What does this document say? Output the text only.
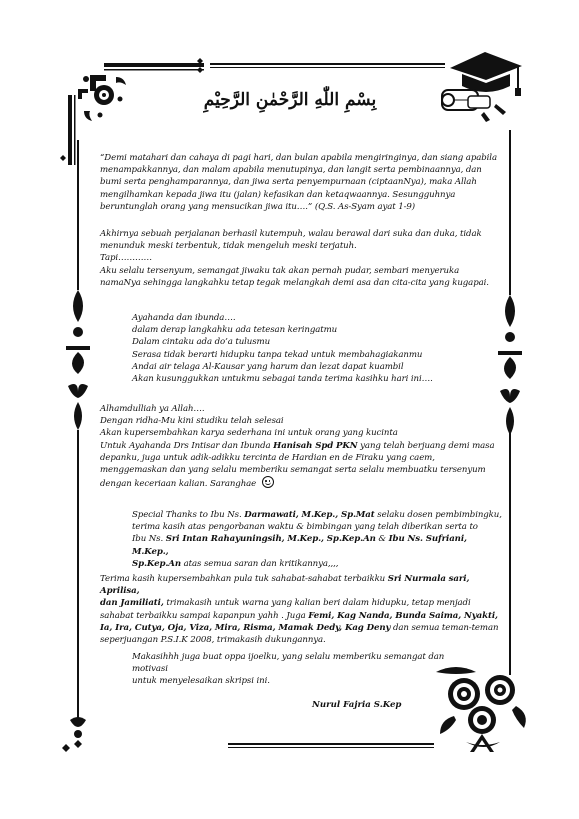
بِسْمِ اللّٰهِ الرَّحْمٰنِ الرَّحِيْمِ

“Demi matahari dan cahaya di pagi hari, dan bulan apabila mengiringinya, dan siang apabila

menampakkannya, dan malam apabila menutupinya, dan langit serta pembinaannya, dan

bumi serta penghamparannya, dan jiwa serta penyempurnaan (ciptaanNya), maka Allah

mengilhamkan kepada jiwa itu (jalan) kefasikan dan ketaqwaannya. Sesungguhnya

beruntunglah orang yang mensucikan jiwa itu….” (Q.S. As-Syam ayat 1-9)

Akhirnya sebuah perjalanan berhasil kutempuh, walau berawal dari suka dan duka, tidak

menunduk meski terbentuk, tidak mengeluh meski terjatuh.

Tapi…………

Aku selalu tersenyum, semangat jiwaku tak akan pernah pudar, sembari menyeruka

namaNya sehingga langkahku tetap tegak melangkah demi asa dan cita-cita yang kugapai.

Ayahanda dan ibunda….

dalam derap langkahku ada tetesan keringatmu

Dalam cintaku ada do’a tulusmu

Serasa tidak berarti hidupku tanpa tekad untuk membahagiakanmu

Andai air telaga Al-Kausar yang harum dan lezat dapat kuambil

Akan kusunggukkan untukmu sebagai tanda terima kasihku hari ini….

Alhamdulliah ya Allah….

Dengan ridha-Mu kini studiku telah selesai

Akan kupersembahkan karya sederhana ini untuk orang yang kucinta

Untuk Ayahanda Drs Intisar dan Ibunda Hanisah Spd PKN yang telah berjuang demi masa

depanku, juga untuk adik-adikku tercinta de Hardian en de Firaku yang caem,

menggemaskan dan yang selalu memberiku semangat serta selalu membuatku tersenyum

dengan keceriaan kalian. Saranghae

Special Thanks to Ibu Ns. Darmawati, M.Kep., Sp.Mat selaku dosen pembimbingku,

terima kasih atas pengorbanan waktu & bimbingan yang telah diberikan serta to

Ibu Ns. Sri Intan Rahayuningsih, M.Kep., Sp.Kep.An & Ibu Ns. Sufriani, M.Kep.,

Sp.Kep.An atas semua saran dan kritikannya,,,,

Terima kasih kupersembahkan pula tuk sahabat-sahabat terbaikku Sri Nurmala sari, Aprilisa,

dan Jamiliati, trimakasih untuk warna yang kalian beri dalam hidupku, tetap menjadi

sahabat terbaikku sampai kapanpun yahh . Juga Femi, Kag Nanda, Bunda Saima, Nyakti,

Ia, Ira, Cutya, Oja, Viza, Mira, Risma, Mamak Dedy, Kag Deny dan semua teman-teman

seperjuangan P.S.I.K 2008, trimakasih dukungannya.

Makasihhh juga buat oppa ijoelku, yang selalu memberiku semangat dan motivasi

untuk menyelesaikan skripsi ini.

Nurul Fajria S.Kep
